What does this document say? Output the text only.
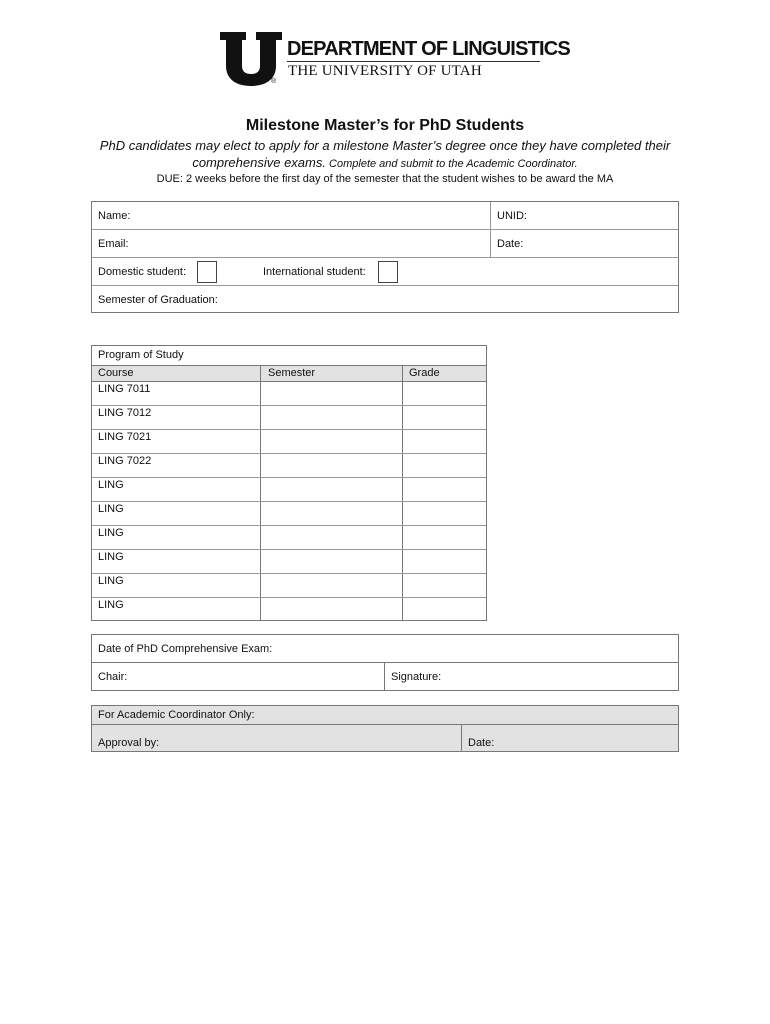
®
DEPARTMENT OF LINGUISTICS
THE UNIVERSITY OF UTAH
Milestone Master’s for PhD Students
PhD candidates may elect to apply for a milestone Master’s degree once they have completed their
comprehensive exams. Complete and submit to the Academic Coordinator.
DUE: 2 weeks before the first day of the semester that the student wishes to be award the MA
Name:	UNID:
Email:	Date:
Domestic student:	International student:
Semester of Graduation:
Program of Study
Course	Semester	Grade
LING 7011
LING 7012
LING 7021
LING 7022
LING
LING
LING
LING
LING
LING
Date of PhD Comprehensive Exam:
Chair:	Signature:
For Academic Coordinator Only:
Approval by:	Date:
